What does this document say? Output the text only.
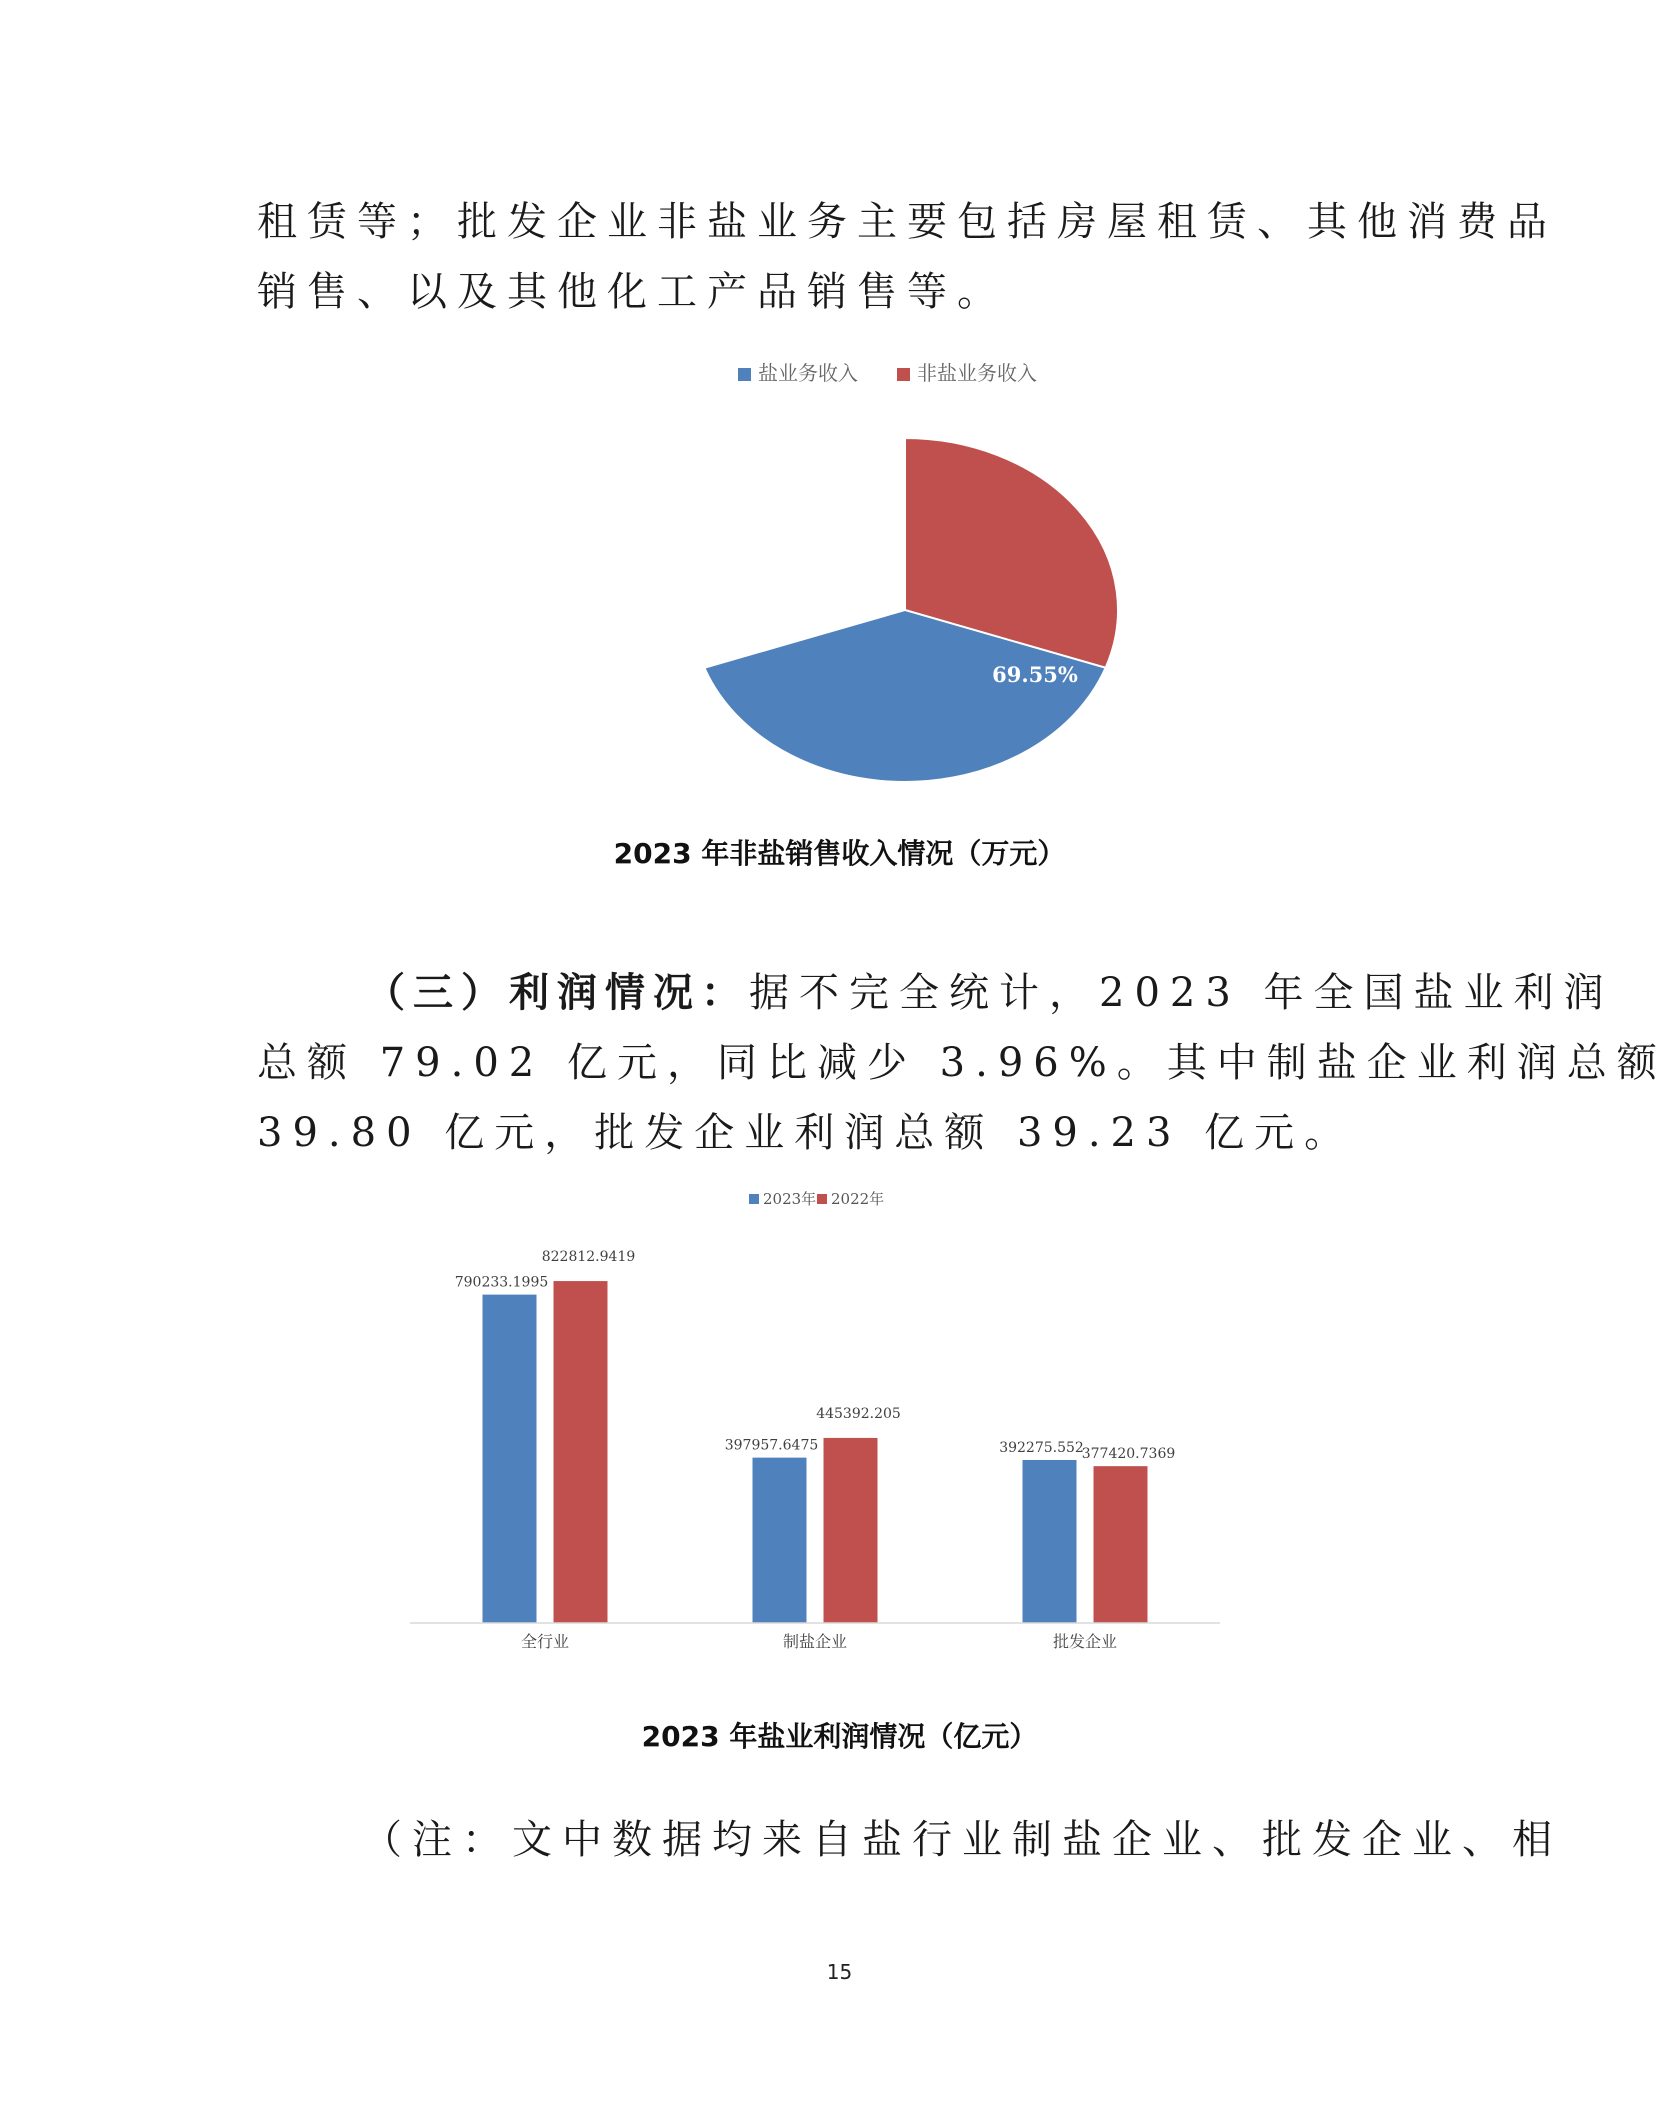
租赁等；批发企业非盐业务主要包括房屋租赁、其他消费品
销售、以及其他化工产品销售等。
盐业务收入	非盐业务收入
69.55%
30.45%
2023 年非盐销售收入情况（万元）
（三）利润情况：据不完全统计，2023 年全国盐业利润
总额 79.02 亿元，同比减少 3.96%。其中制盐企业利润总额
39.80 亿元，批发企业利润总额 39.23 亿元。
2023年 2022年
790233.1995
822812.9419
全行业
397957.6475
445392.205
制盐企业
392275.552
377420.7369
批发企业
2023 年盐业利润情况（亿元）
（注：文中数据均来自盐行业制盐企业、批发企业、相
15
